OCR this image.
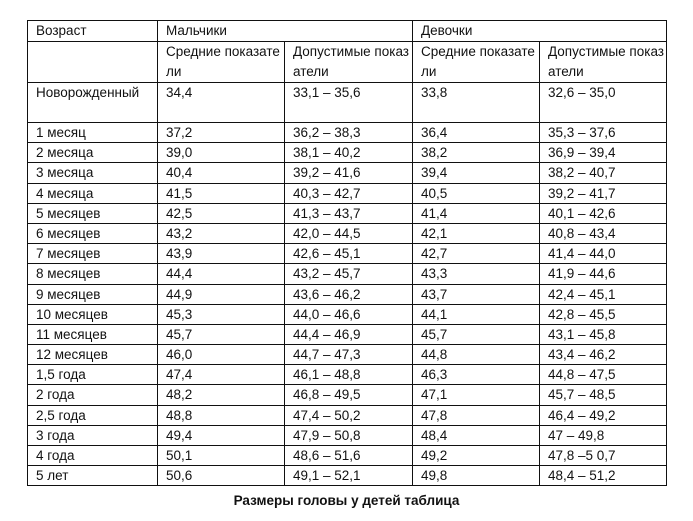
Возраст	Мальчики		Девочки	
	Средние показатели	Допустимые показатели	Средние показатели	Допустимые показатели
Новорожденный	34,4	33,1 – 35,6	33,8	32,6 – 35,0
1 месяц	37,2	36,2 – 38,3	36,4	35,3 – 37,6
2 месяца	39,0	38,1 – 40,2	38,2	36,9 – 39,4
3 месяца	40,4	39,2 – 41,6	39,4	38,2 – 40,7
4 месяца	41,5	40,3 – 42,7	40,5	39,2 – 41,7
5 месяцев	42,5	41,3 – 43,7	41,4	40,1 – 42,6
6 месяцев	43,2	42,0 – 44,5	42,1	40,8 – 43,4
7 месяцев	43,9	42,6 – 45,1	42,7	41,4 – 44,0
8 месяцев	44,4	43,2 – 45,7	43,3	41,9 – 44,6
9 месяцев	44,9	43,6 – 46,2	43,7	42,4 – 45,1
10 месяцев	45,3	44,0 – 46,6	44,1	42,8 – 45,5
11 месяцев	45,7	44,4 – 46,9	45,7	43,1 – 45,8
12 месяцев	46,0	44,7 – 47,3	44,8	43,4 – 46,2
1,5 года	47,4	46,1 – 48,8	46,3	44,8 – 47,5
2 года	48,2	46,8 – 49,5	47,1	45,7 – 48,5
2,5 года	48,8	47,4 – 50,2	47,8	46,4 – 49,2
3 года	49,4	47,9 – 50,8	48,4	47 – 49,8
4 года	50,1	48,6 – 51,6	49,2	47,8 –5 0,7
5 лет	50,6	49,1 – 52,1	49,8	48,4 – 51,2
Размеры головы у детей таблица
